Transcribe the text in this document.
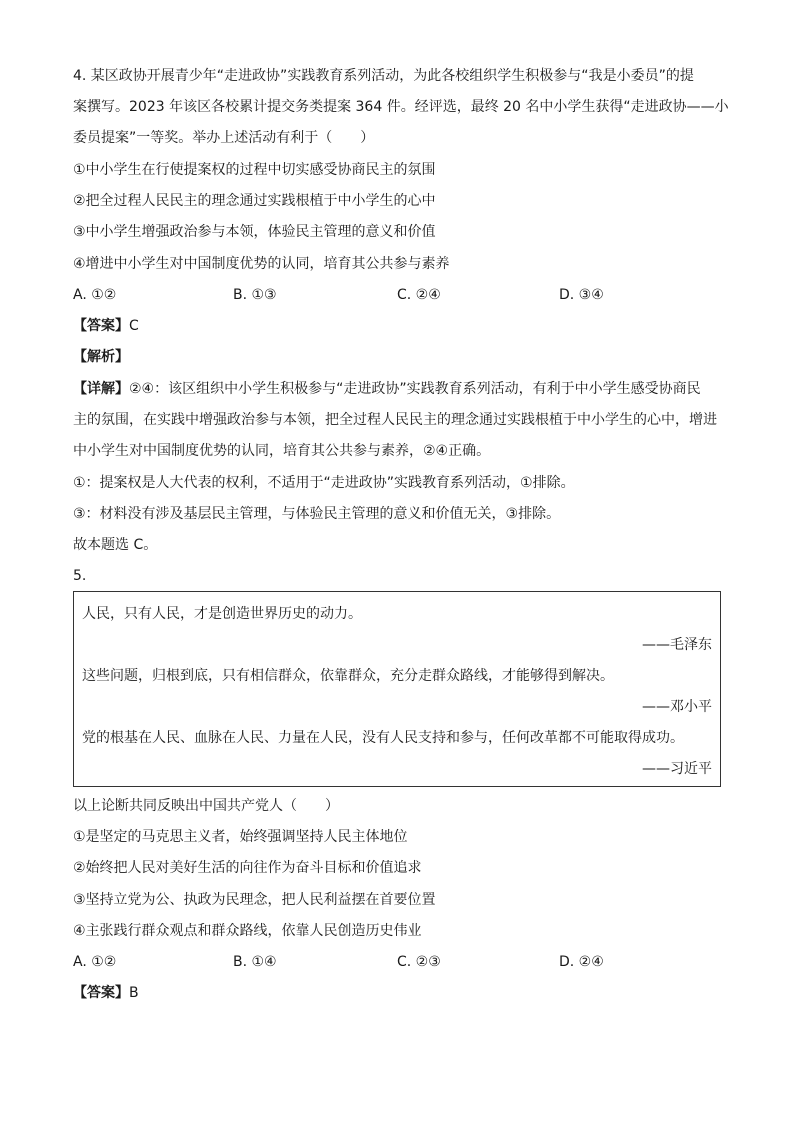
4. 某区政协开展青少年“走进政协”实践教育系列活动，为此各校组织学生积极参与“我是小委员”的提
案撰写。2023 年该区各校累计提交务类提案 364 件。经评选，最终 20 名中小学生获得“走进政协——小
委员提案”一等奖。举办上述活动有利于（　　）
①中小学生在行使提案权的过程中切实感受协商民主的氛围
②把全过程人民民主的理念通过实践根植于中小学生的心中
③中小学生增强政治参与本领，体验民主管理的意义和价值
④增进中小学生对中国制度优势的认同，培育其公共参与素养
A. ①②	B. ①③	C. ②④	D. ③④
【答案】C
【解析】
【详解】②④：该区组织中小学生积极参与“走进政协”实践教育系列活动，有利于中小学生感受协商民
主的氛围，在实践中增强政治参与本领，把全过程人民民主的理念通过实践根植于中小学生的心中，增进
中小学生对中国制度优势的认同，培育其公共参与素养，②④正确。
①：提案权是人大代表的权利，不适用于“走进政协”实践教育系列活动，①排除。
③：材料没有涉及基层民主管理，与体验民主管理的意义和价值无关，③排除。
故本题选 C。
5.
人民，只有人民，才是创造世界历史的动力。
——毛泽东
这些问题，归根到底，只有相信群众，依靠群众，充分走群众路线，才能够得到解决。
——邓小平
党的根基在人民、血脉在人民、力量在人民，没有人民支持和参与，任何改革都不可能取得成功。
——习近平
以上论断共同反映出中国共产党人（　　）
①是坚定的马克思主义者，始终强调坚持人民主体地位
②始终把人民对美好生活的向往作为奋斗目标和价值追求
③坚持立党为公、执政为民理念，把人民利益摆在首要位置
④主张践行群众观点和群众路线，依靠人民创造历史伟业
A. ①②	B. ①④	C. ②③	D. ②④
【答案】B
